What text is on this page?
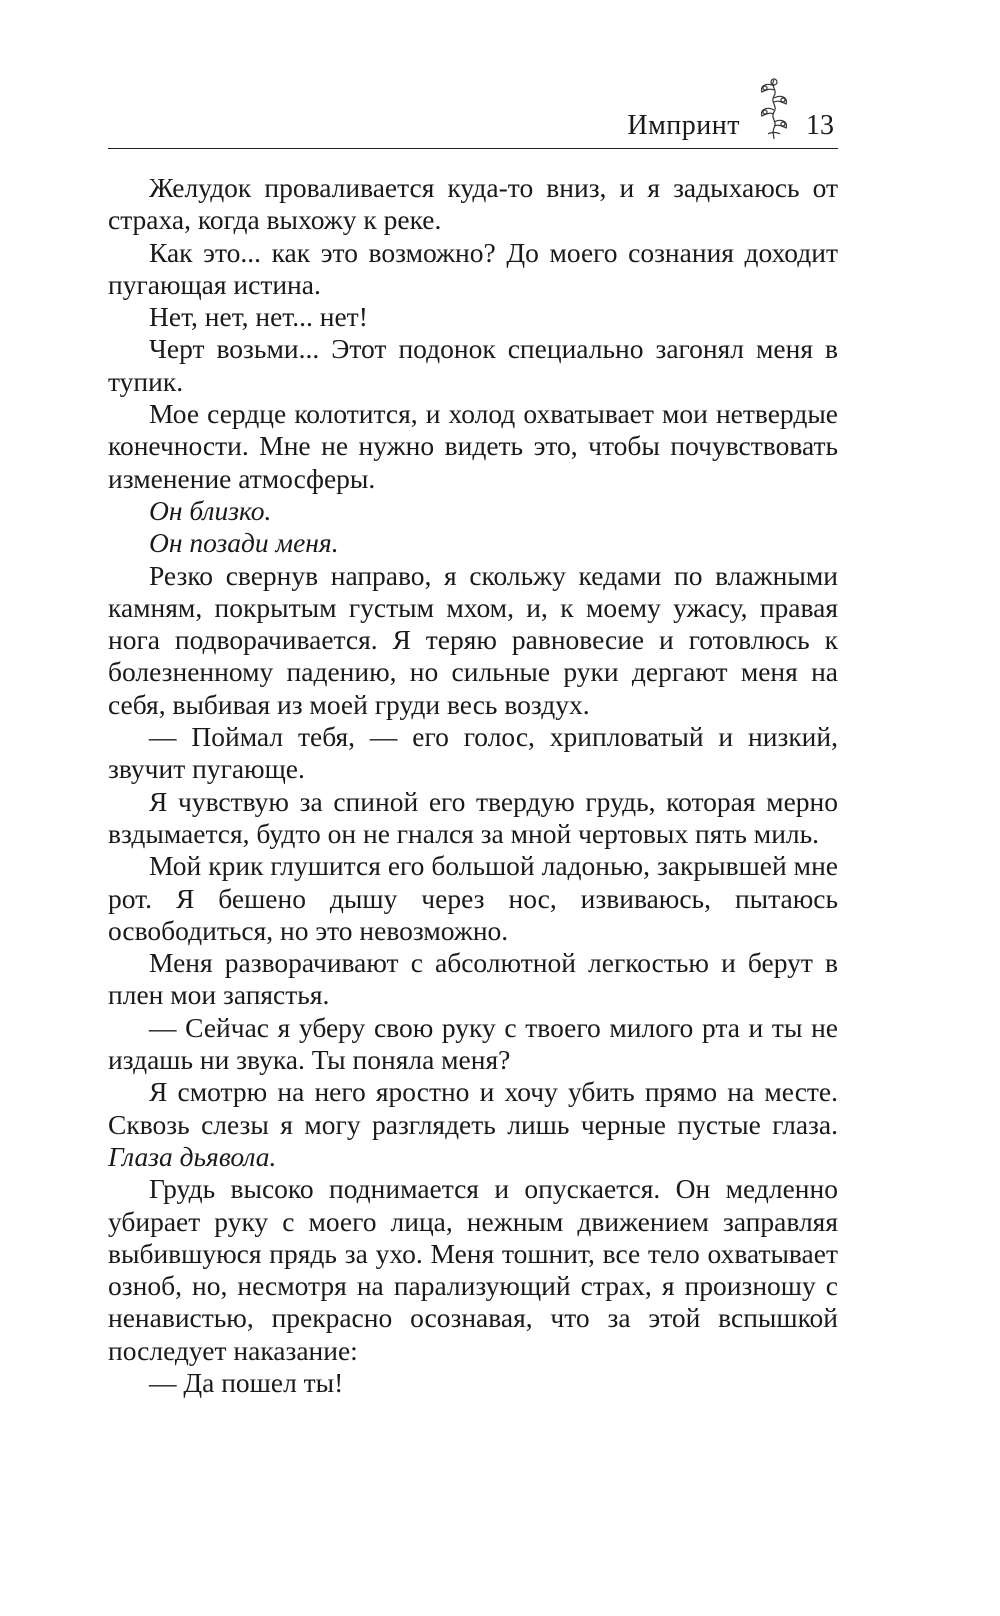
Импринт 13

Желудок проваливается куда-то вниз, и я задыхаюсь от страха, когда выхожу к реке.

Как это... как это возможно? До моего сознания доходит пугающая истина.

Нет, нет, нет... нет!

Черт возьми... Этот подонок специально загонял меня в тупик.

Мое сердце колотится, и холод охватывает мои нетвердые конечности. Мне не нужно видеть это, чтобы почувствовать изменение атмосферы.

Он близко.

Он позади меня.

Резко свернув направо, я скольжу кедами по влажными камням, покрытым густым мхом, и, к моему ужасу, правая нога подворачивается. Я теряю равновесие и готовлюсь к болезненному падению, но сильные руки дергают меня на себя, выбивая из моей груди весь воздух.

— Поймал тебя, — его голос, хрипловатый и низкий, звучит пугающе.

Я чувствую за спиной его твердую грудь, которая мерно вздымается, будто он не гнался за мной чертовых пять миль.

Мой крик глушится его большой ладонью, закрывшей мне рот. Я бешено дышу через нос, извиваюсь, пытаюсь освободиться, но это невозможно.

Меня разворачивают с абсолютной легкостью и берут в плен мои запястья.

— Сейчас я уберу свою руку с твоего милого рта и ты не издашь ни звука. Ты поняла меня?

Я смотрю на него яростно и хочу убить прямо на месте. Сквозь слезы я могу разглядеть лишь черные пустые глаза. Глаза дьявола.

Грудь высоко поднимается и опускается. Он медленно убирает руку с моего лица, нежным движением заправляя выбившуюся прядь за ухо. Меня тошнит, все тело охватывает озноб, но, несмотря на парализующий страх, я произношу с ненавистью, прекрасно осознавая, что за этой вспышкой последует наказание:

— Да пошел ты!
